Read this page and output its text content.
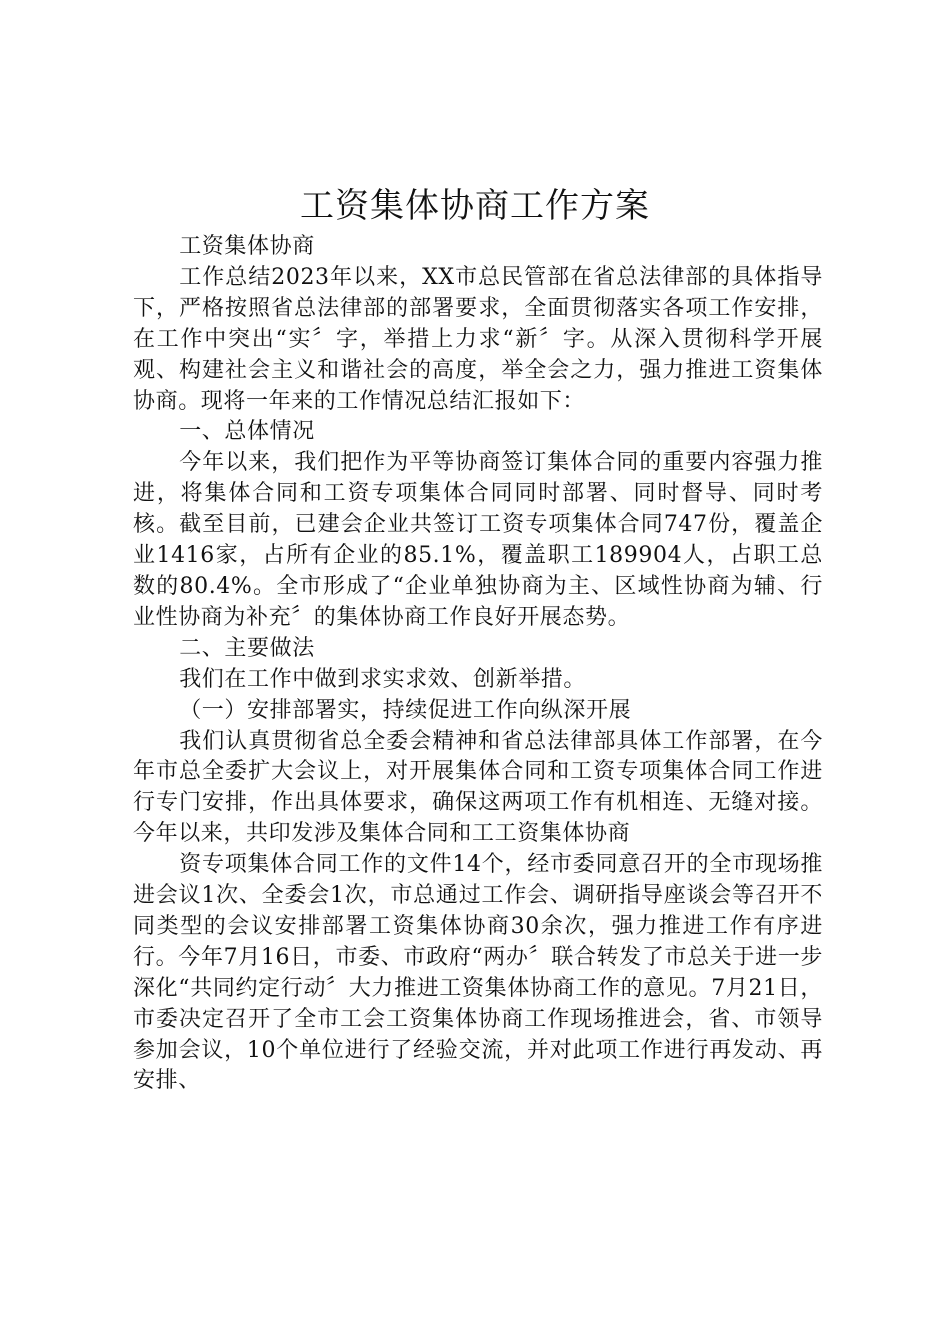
工资集体协商工作方案

工资集体协商

工作总结2023年以来，XX市总民管部在省总法律部的具体指导下，严格按照省总法律部的部署要求，全面贯彻落实各项工作安排，在工作中突出“实〞字，举措上力求“新〞字。从深入贯彻科学开展观、构建社会主义和谐社会的高度，举全会之力，强力推进工资集体协商。现将一年来的工作情况总结汇报如下：

一、总体情况

今年以来，我们把作为平等协商签订集体合同的重要内容强力推进，将集体合同和工资专项集体合同同时部署、同时督导、同时考核。截至目前，已建会企业共签订工资专项集体合同747份，覆盖企业1416家，占所有企业的85.1%，覆盖职工189904人，占职工总数的80.4%。全市形成了“企业单独协商为主、区域性协商为辅、行业性协商为补充〞的集体协商工作良好开展态势。

二、主要做法

我们在工作中做到求实求效、创新举措。

（一）安排部署实，持续促进工作向纵深开展

我们认真贯彻省总全委会精神和省总法律部具体工作部署，在今年市总全委扩大会议上，对开展集体合同和工资专项集体合同工作进行专门安排，作出具体要求，确保这两项工作有机相连、无缝对接。今年以来，共印发涉及集体合同和工工资集体协商

资专项集体合同工作的文件14个，经市委同意召开的全市现场推进会议1次、全委会1次，市总通过工作会、调研指导座谈会等召开不同类型的会议安排部署工资集体协商30余次，强力推进工作有序进行。今年7月16日，市委、市政府“两办〞联合转发了市总关于进一步深化“共同约定行动〞大力推进工资集体协商工作的意见。7月21日，市委决定召开了全市工会工资集体协商工作现场推进会，省、市领导参加会议，10个单位进行了经验交流，并对此项工作进行再发动、再安排、
